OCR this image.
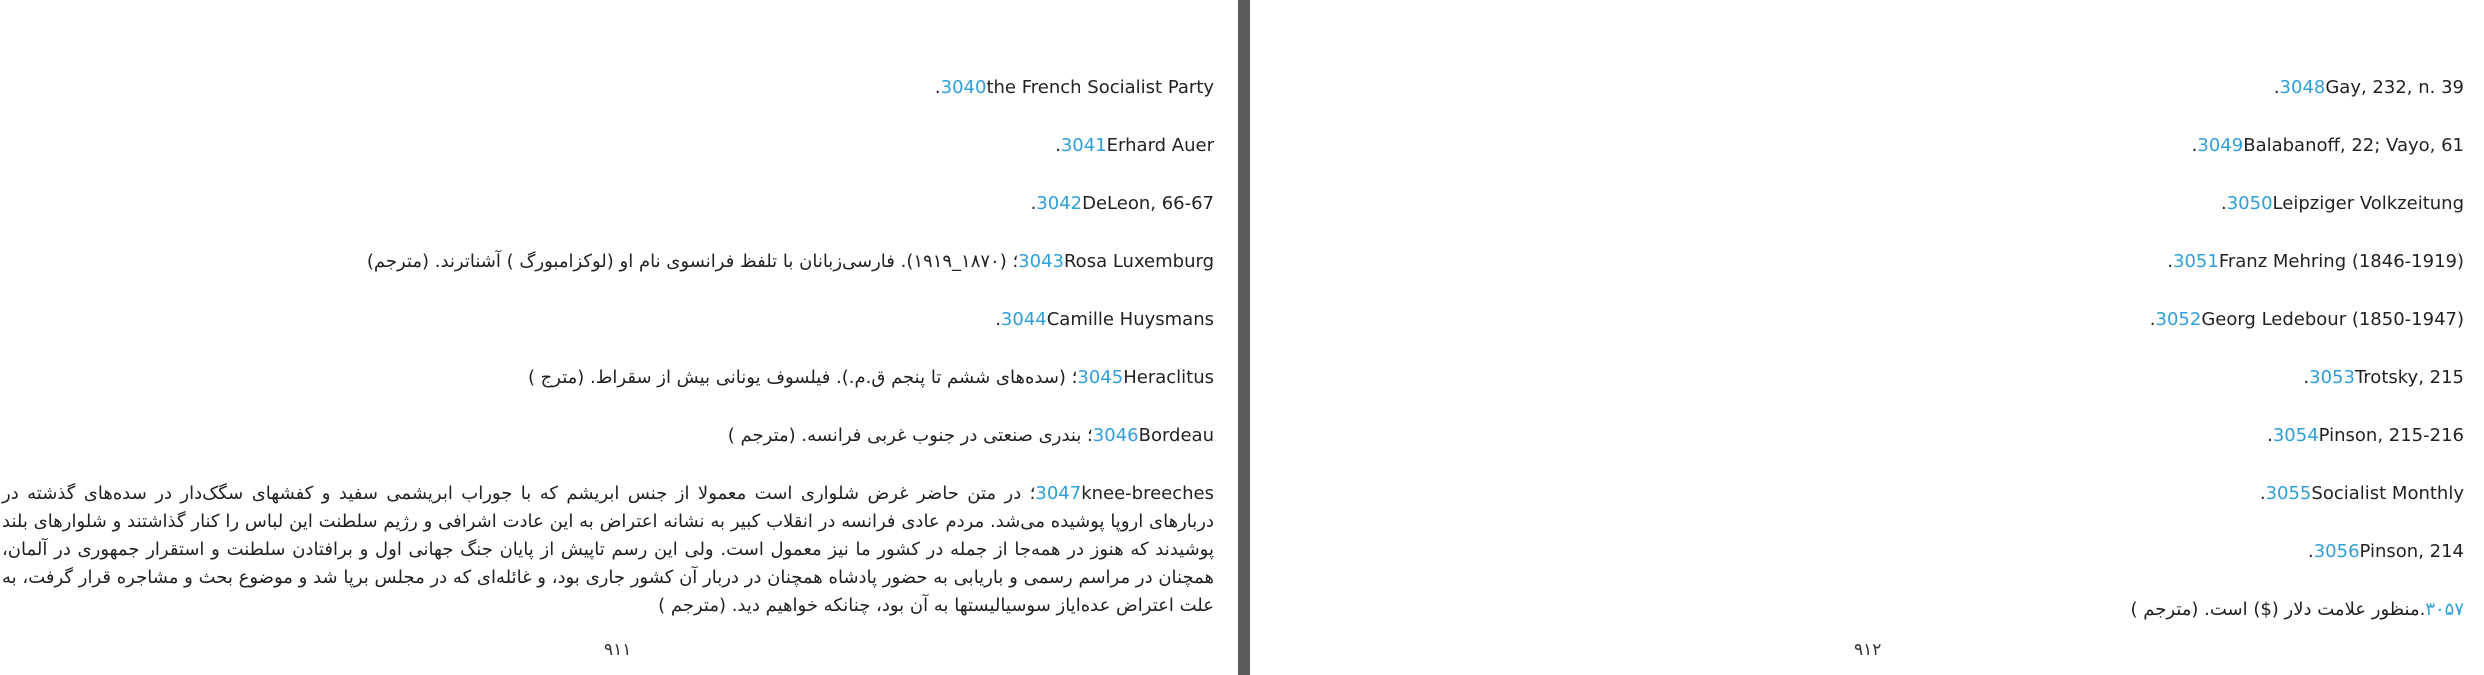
3040the French Socialist Party.

3041Erhard Auer.

3042DeLeon, 66-67.

3043Rosa Luxemburg؛ (۱۸۷۰_۱۹۱۹). فارسی‌زبانان با تلفظ فرانسوی نام او (لوکزامبورگ ) آشناترند. (مترجم)

3044Camille Huysmans.

3045Heraclitus؛ (سده‌های ششم تا پنجم ق.م.). فیلسوف یونانی بیش از سقراط. (مترج )

3046Bordeau؛ بندری صنعتی در جنوب غربی فرانسه. (مترجم )

3047knee-breeches؛ در متن حاضر غرض شلواری است معمولا از جنس ابریشم که با جوراب ابریشمی سفید و کفشهای سگک‌دار در سده‌های گذشته در دربارهای اروپا پوشیده می‌شد. مردم عادی فرانسه در انقلاب کبیر به نشانه اعتراض به این عادت اشرافی و رژیم سلطنت این لباس را کنار گذاشتند و شلوارهای بلند پوشیدند که هنوز در همه‌جا از جمله در کشور ما نیز معمول است. ولی این رسم تاپیش از پایان جنگ جهانی اول و برافتادن سلطنت و استقرار جمهوری در آلمان، همچنان در مراسم رسمی و باریابی به حضور پادشاه همچنان در دربار آن کشور جاری بود، و غائله‌ای که در مجلس برپا شد و موضوع بحث و مشاجره قرار گرفت، به علت اعتراض عده‌ایاز سوسیالیستها به آن بود، چنانکه خواهیم دید. (مترجم )

۹۱۱

3048Gay, 232, n. 39.

3049Balabanoff, 22; Vayo, 61.

3050Leipziger Volkzeitung.

3051Franz Mehring (1846-1919).

3052Georg Ledebour (1850-1947).

3053Trotsky, 215.

3054Pinson, 215-216.

3055Socialist Monthly.

3056Pinson, 214.

۳۰۵۷.منظور علامت دلار ($) است. (مترجم )

۹۱۲
